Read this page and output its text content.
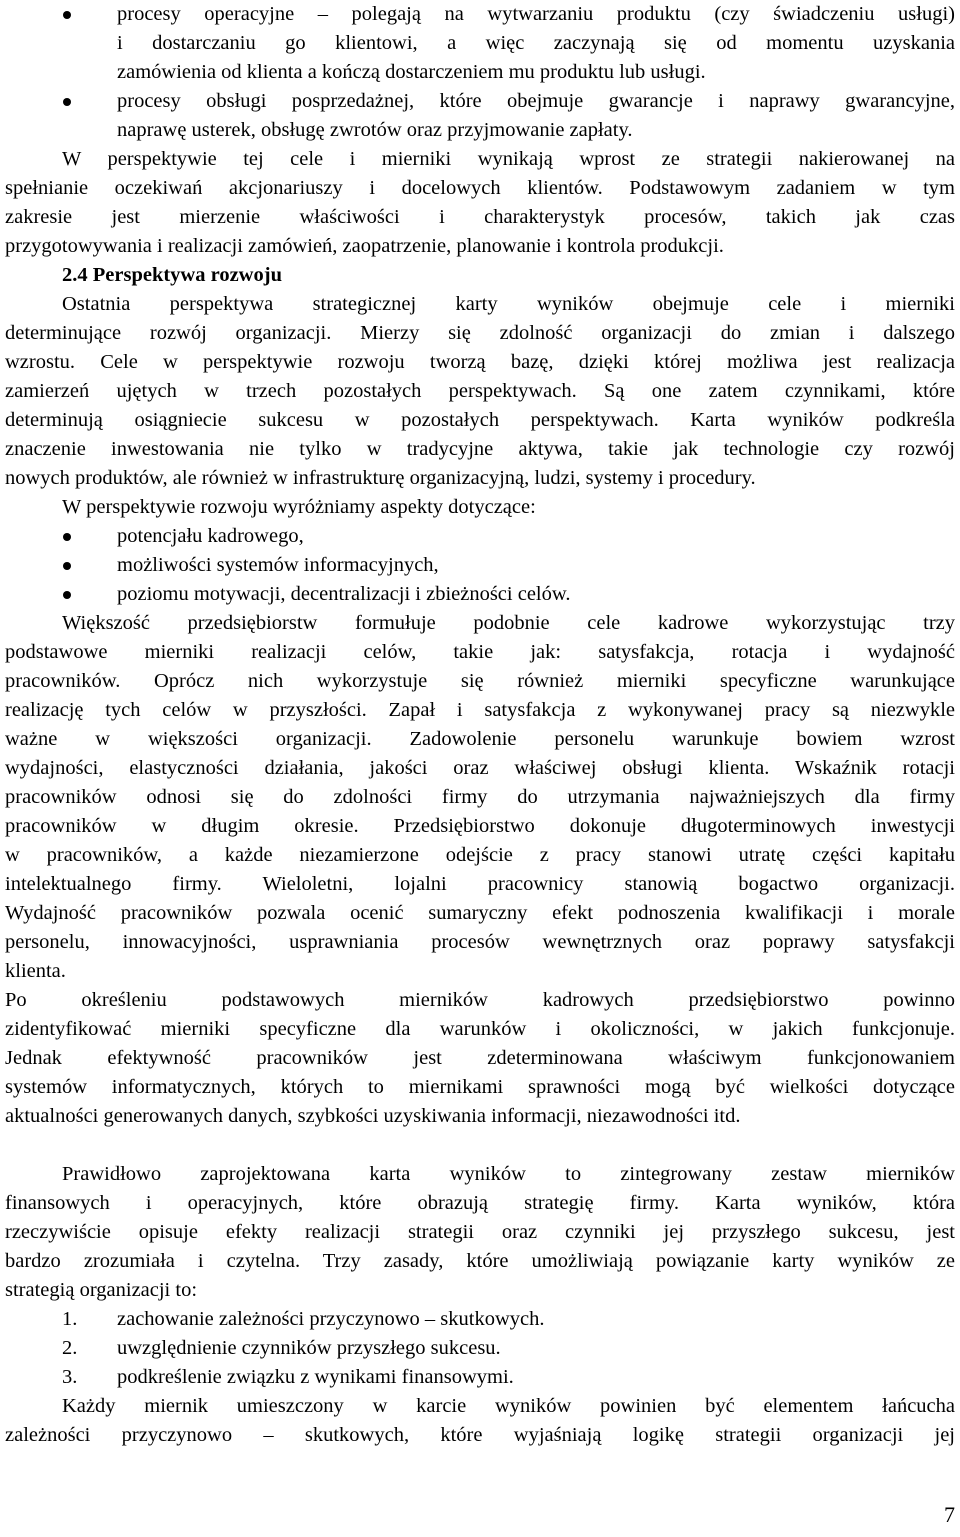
procesy operacyjne – polegają na wytwarzaniu produktu (czy świadczeniu usługi)
i dostarczaniu go klientowi, a więc zaczynają się od momentu uzyskania
zamówienia od klienta a kończą dostarczeniem mu produktu lub usługi.
procesy obsługi posprzedażnej, które obejmuje gwarancje i naprawy gwarancyjne,
naprawę usterek, obsługę zwrotów oraz przyjmowanie zapłaty.
W perspektywie tej cele i mierniki wynikają wprost ze strategii nakierowanej na
spełnianie oczekiwań akcjonariuszy i docelowych klientów. Podstawowym zadaniem w tym
zakresie jest mierzenie właściwości i charakterystyk procesów, takich jak czas
przygotowywania i realizacji zamówień, zaopatrzenie, planowanie i kontrola produkcji.
2.4 Perspektywa rozwoju
Ostatnia perspektywa strategicznej karty wyników obejmuje cele i mierniki
determinujące rozwój organizacji. Mierzy się zdolność organizacji do zmian i dalszego
wzrostu. Cele w perspektywie rozwoju tworzą bazę, dzięki której możliwa jest realizacja
zamierzeń ujętych w trzech pozostałych perspektywach. Są one zatem czynnikami, które
determinują osiągniecie sukcesu w pozostałych perspektywach. Karta wyników podkreśla
znaczenie inwestowania nie tylko w tradycyjne aktywa, takie jak technologie czy rozwój
nowych produktów, ale również w infrastrukturę organizacyjną, ludzi, systemy i procedury.
W perspektywie rozwoju wyróżniamy aspekty dotyczące:
potencjału kadrowego,
możliwości systemów informacyjnych,
poziomu motywacji, decentralizacji i zbieżności celów.
Większość przedsiębiorstw formułuje podobnie cele kadrowe wykorzystując trzy
podstawowe mierniki realizacji celów, takie jak: satysfakcja, rotacja i wydajność
pracowników. Oprócz nich wykorzystuje się również mierniki specyficzne warunkujące
realizację tych celów w przyszłości. Zapał i satysfakcja z wykonywanej pracy są niezwykle
ważne w większości organizacji. Zadowolenie personelu warunkuje bowiem wzrost
wydajności, elastyczności działania, jakości oraz właściwej obsługi klienta. Wskaźnik rotacji
pracowników odnosi się do zdolności firmy do utrzymania najważniejszych dla firmy
pracowników w długim okresie. Przedsiębiorstwo dokonuje długoterminowych inwestycji
w pracowników, a każde niezamierzone odejście z pracy stanowi utratę części kapitału
intelektualnego firmy. Wieloletni, lojalni pracownicy stanowią bogactwo organizacji.
Wydajność pracowników pozwala ocenić sumaryczny efekt podnoszenia kwalifikacji i morale
personelu, innowacyjności, usprawniania procesów wewnętrznych oraz poprawy satysfakcji
klienta.
Po określeniu podstawowych mierników kadrowych przedsiębiorstwo powinno
zidentyfikować mierniki specyficzne dla warunków i okoliczności, w jakich funkcjonuje.
Jednak efektywność pracowników jest zdeterminowana właściwym funkcjonowaniem
systemów informatycznych, których to miernikami sprawności mogą być wielkości dotyczące
aktualności generowanych danych, szybkości uzyskiwania informacji, niezawodności itd.
Prawidłowo zaprojektowana karta wyników to zintegrowany zestaw mierników
finansowych i operacyjnych, które obrazują strategię firmy. Karta wyników, która
rzeczywiście opisuje efekty realizacji strategii oraz czynniki jej przyszłego sukcesu, jest
bardzo zrozumiała i czytelna. Trzy zasady, które umożliwiają powiązanie karty wyników ze
strategią organizacji to:
1. zachowanie zależności przyczynowo – skutkowych.
2. uwzględnienie czynników przyszłego sukcesu.
3. podkreślenie związku z wynikami finansowymi.
Każdy miernik umieszczony w karcie wyników powinien być elementem łańcucha
zależności przyczynowo – skutkowych, które wyjaśniają logikę strategii organizacji jej
7
